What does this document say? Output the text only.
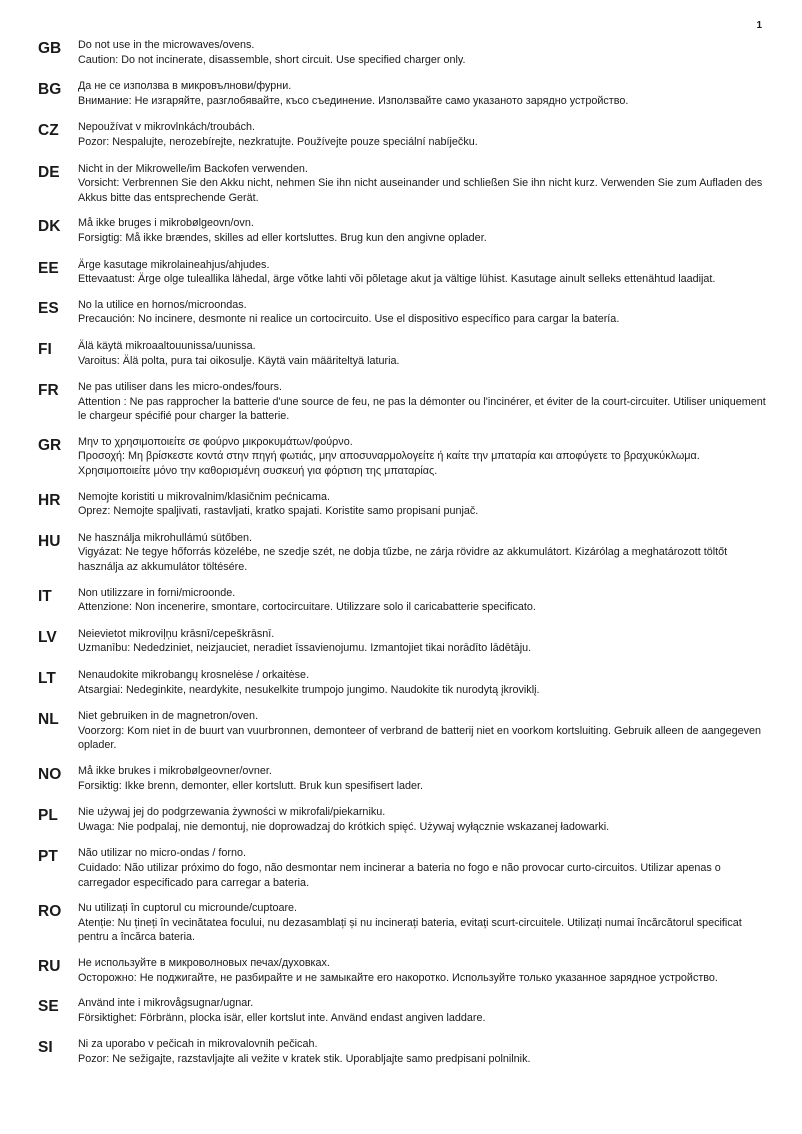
1
GB	Do not use in the microwaves/ovens.
Caution: Do not incinerate, disassemble, short circuit. Use specified charger only.
BG	Да не се използва в микровълнови/фурни.
Внимание: Не изгаряйте, разглобявайте, късо съединение. Използвайте само указаното зарядно устройство.
CZ	Nepoužívat v mikrovlnkách/troubách.
Pozor: Nespalujte, nerozebírejte, nezkratujte. Používejte pouze speciální nabíječku.
DE	Nicht in der Mikrowelle/im Backofen verwenden.
Vorsicht: Verbrennen Sie den Akku nicht, nehmen Sie ihn nicht auseinander und schließen Sie ihn nicht kurz. Verwenden Sie zum Aufladen des Akkus bitte das entsprechende Gerät.
DK	Må ikke bruges i mikrobølgeovn/ovn.
Forsigtig: Må ikke brændes, skilles ad eller kortsluttes. Brug kun den angivne oplader.
EE	Ärge kasutage mikrolaineahjus/ahjudes.
Ettevaatust: Ärge olge tuleallika lähedal, ärge võtke lahti või põletage akut ja vältige lühist. Kasutage ainult selleks ettenähtud laadijat.
ES	No la utilice en hornos/microondas.
Precaución: No incinere, desmonte ni realice un cortocircuito. Use el dispositivo específico para cargar la batería.
FI	Älä käytä mikroaaltouunissa/uunissa.
Varoitus: Älä polta, pura tai oikosulje. Käytä vain määriteltyä laturia.
FR	Ne pas utiliser dans les micro-ondes/fours.
Attention : Ne pas rapprocher la batterie d'une source de feu, ne pas la démonter ou l'incinérer, et éviter de la court-circuiter. Utiliser uniquement le chargeur spécifié pour charger la batterie.
GR	Μην το χρησιμοποιείτε σε φούρνο μικροκυμάτων/φούρνο.
Προσοχή: Μη βρίσκεστε κοντά στην πηγή φωτιάς, μην αποσυναρμολογείτε ή καίτε την μπαταρία και αποφύγετε το βραχυκύκλωμα. Χρησιμοποιείτε μόνο την καθορισμένη συσκευή για φόρτιση της μπαταρίας.
HR	Nemojte koristiti u mikrovalnim/klasičnim pećnicama.
Oprez: Nemojte spaljivati, rastavljati, kratko spajati. Koristite samo propisani punjač.
HU	Ne használja mikrohullámú sütőben.
Vigyázat: Ne tegye hőforrás közelébe, ne szedje szét, ne dobja tűzbe, ne zárja rövidre az akkumulátort. Kizárólag a meghatározott töltőt használja az akkumulátor töltésére.
IT	Non utilizzare in forni/microonde.
Attenzione: Non incenerire, smontare, cortocircuitare. Utilizzare solo il caricabatterie specificato.
LV	Neievietot mikroviļņu krāsnī/cepeškrāsnī.
Uzmanību: Nededziniet, neizjauciet, neradiet īssavienojumu. Izmantojiet tikai norādīto lādētāju.
LT	Nenaudokite mikrobangų krosnelėse / orkaitėse.
Atsargiai: Nedeginkite, neardykite, nesukelkite trumpojo jungimo. Naudokite tik nurodytą įkroviklį.
NL	Niet gebruiken in de magnetron/oven.
Voorzorg: Kom niet in de buurt van vuurbronnen, demonteer of verbrand de batterij niet en voorkom kortsluiting. Gebruik alleen de aangegeven oplader.
NO	Må ikke brukes i mikrobølgeovner/ovner.
Forsiktig: Ikke brenn, demonter, eller kortslutt. Bruk kun spesifisert lader.
PL	Nie używaj jej do podgrzewania żywności w mikrofali/piekarniku.
Uwaga: Nie podpalaj, nie demontuj, nie doprowadzaj do krótkich spięć. Używaj wyłącznie wskazanej ładowarki.
PT	Não utilizar no micro-ondas / forno.
Cuidado: Não utilizar próximo do fogo, não desmontar nem incinerar a bateria no fogo e não provocar curto-circuitos. Utilizar apenas o carregador especificado para carregar a bateria.
RO	Nu utilizați în cuptorul cu microunde/cuptoare.
Atenție: Nu țineți în vecinătatea focului, nu dezasamblați și nu incinerați bateria, evitați scurt-circuitele. Utilizați numai încărcătorul specificat pentru a încărca bateria.
RU	Не используйте в микроволновых печах/духовках.
Осторожно: Не поджигайте, не разбирайте и не замыкайте его накоротко. Используйте только указанное зарядное устройство.
SE	Använd inte i mikrovågsugnar/ugnar.
Försiktighet: Förbränn, plocka isär, eller kortslut inte. Använd endast angiven laddare.
SI	Ni za uporabo v pečicah in mikrovalovnih pečicah.
Pozor: Ne sežigajte, razstavljajte ali vežite v kratek stik. Uporabljajte samo predpisani polnilnik.
